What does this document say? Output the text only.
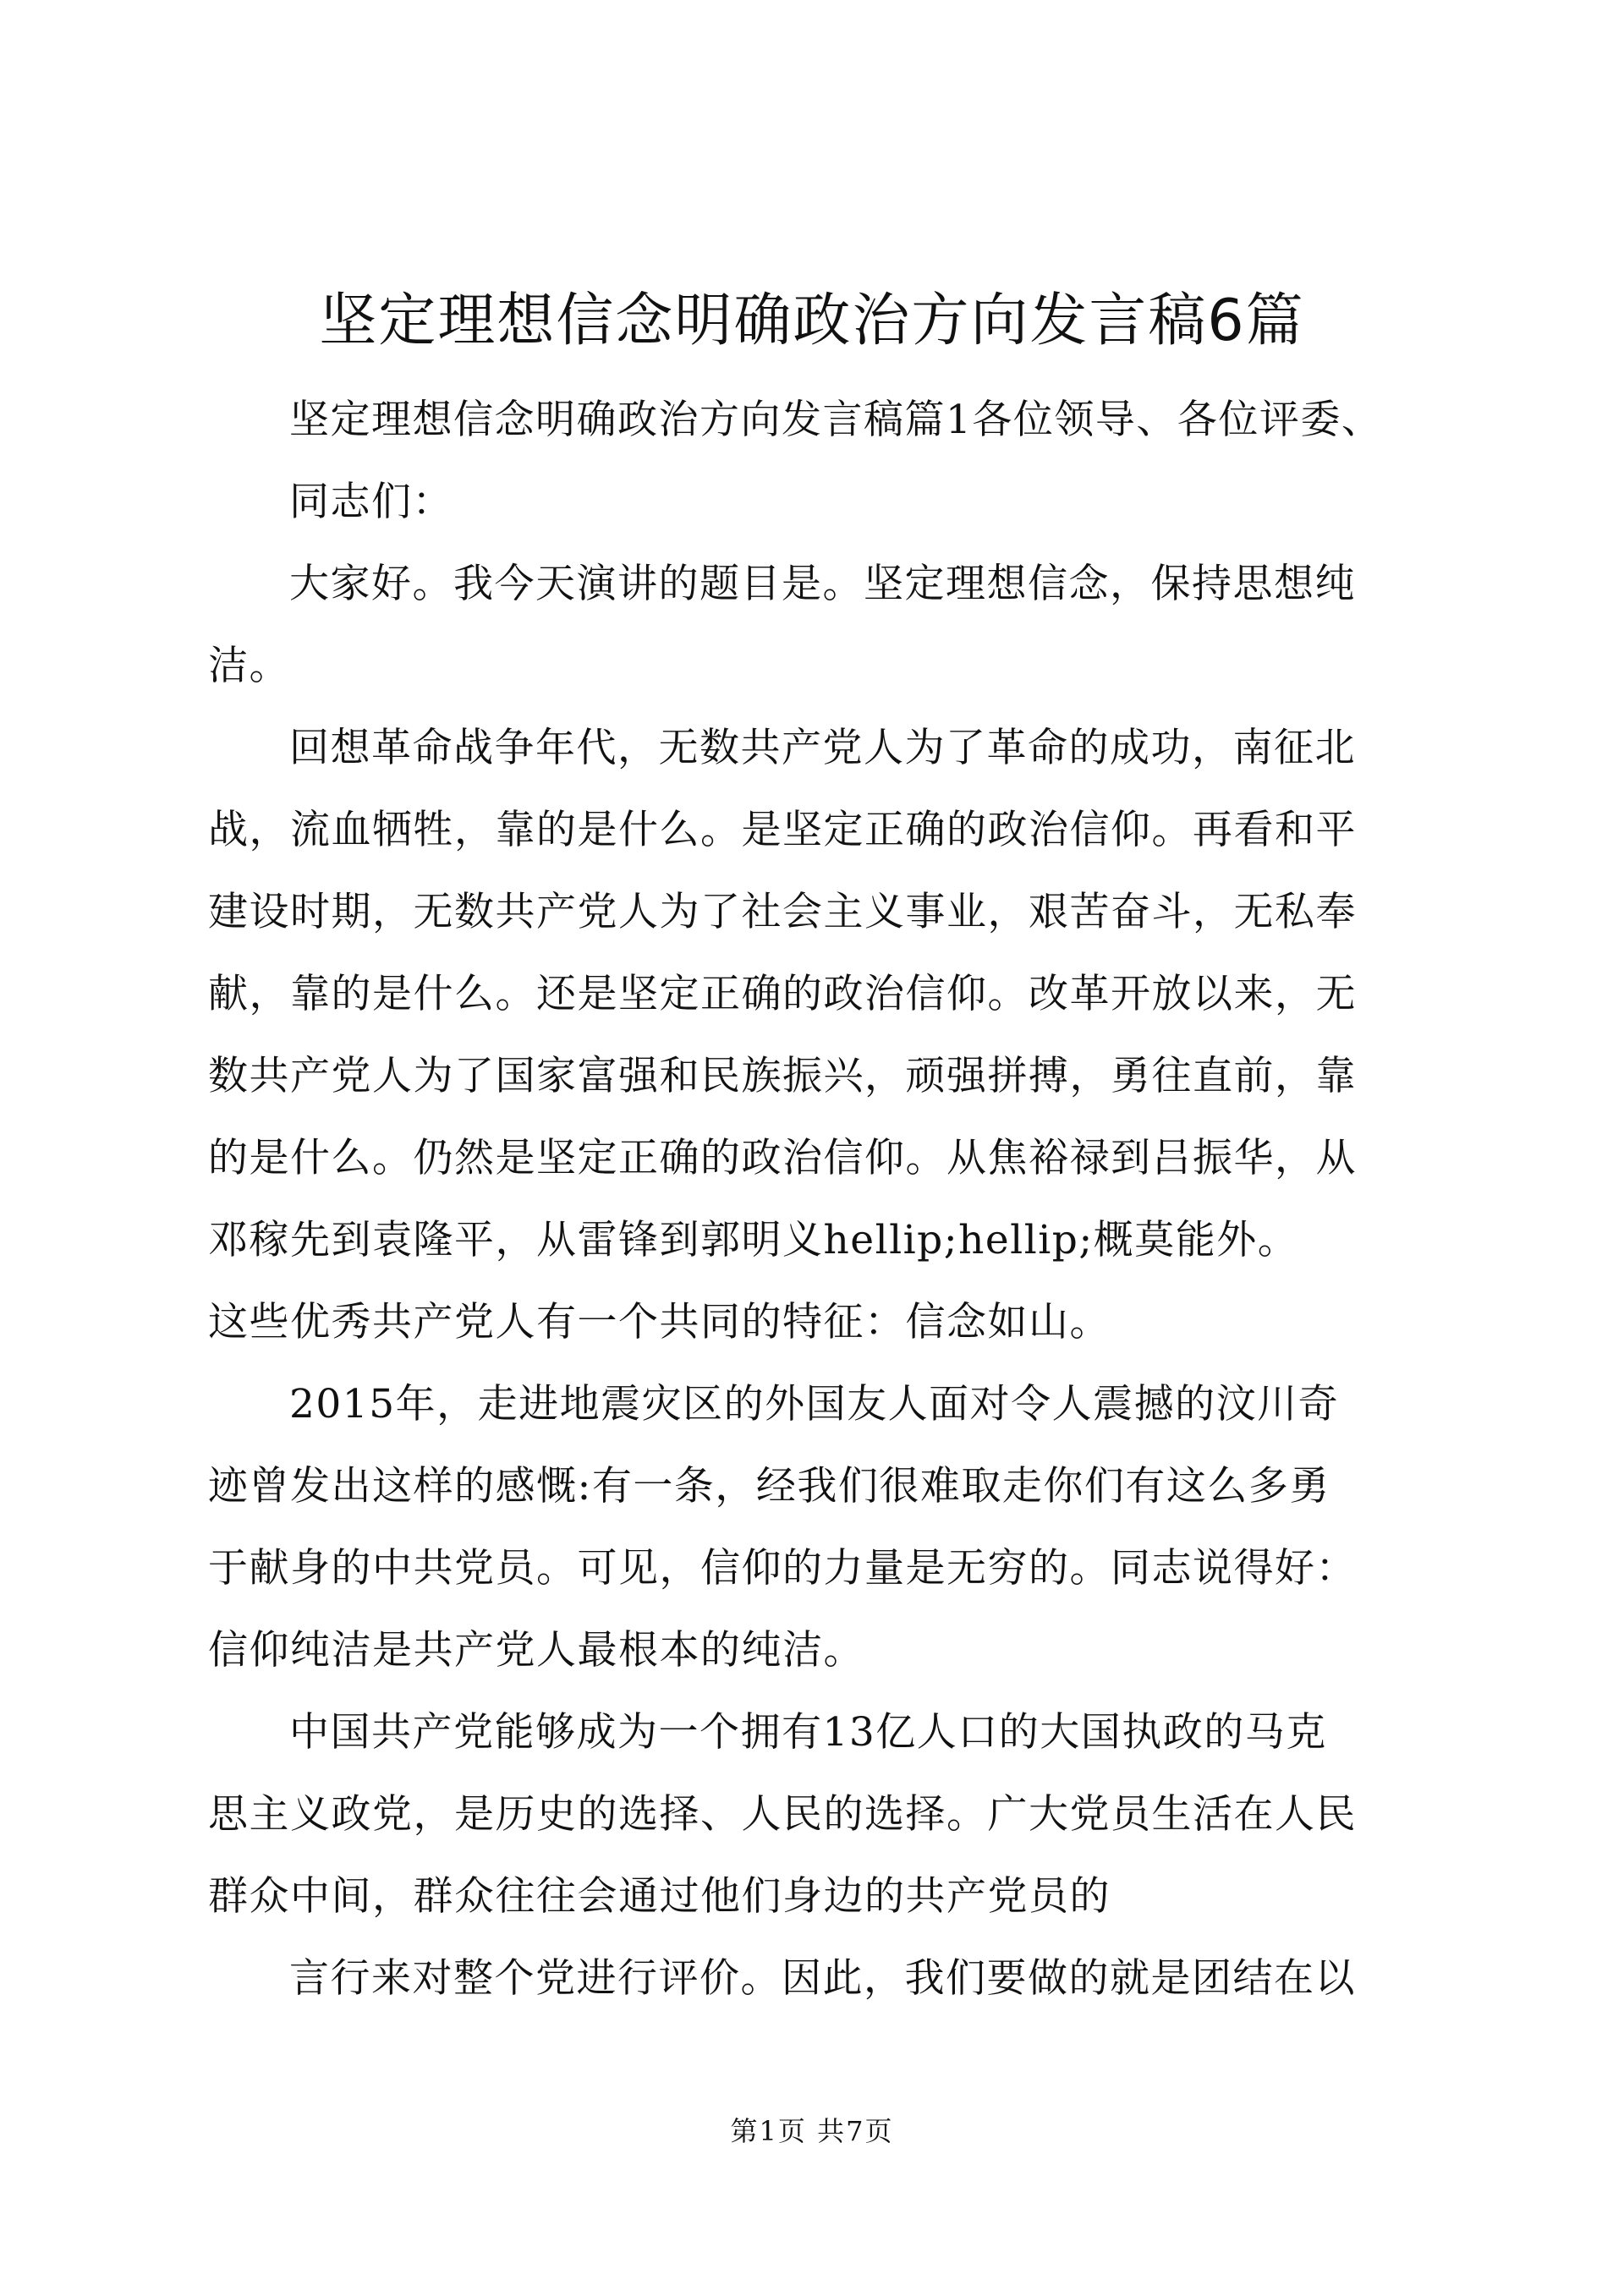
坚定理想信念明确政治方向发言稿6篇
坚定理想信念明确政治方向发言稿篇1各位领导、各位评委、
同志们：
大家好。我今天演讲的题目是。坚定理想信念，保持思想纯
洁。
回想革命战争年代，无数共产党人为了革命的成功，南征北
战，流血牺牲，靠的是什么。是坚定正确的政治信仰。再看和平
建设时期，无数共产党人为了社会主义事业，艰苦奋斗，无私奉
献，靠的是什么。还是坚定正确的政治信仰。改革开放以来，无
数共产党人为了国家富强和民族振兴，顽强拼搏，勇往直前，靠
的是什么。仍然是坚定正确的政治信仰。从焦裕禄到吕振华，从
邓稼先到袁隆平，从雷锋到郭明义hellip;hellip;概莫能外。
这些优秀共产党人有一个共同的特征：信念如山。
2015年，走进地震灾区的外国友人面对令人震撼的汶川奇
迹曾发出这样的感慨:有一条，经我们很难取走你们有这么多勇
于献身的中共党员。可见，信仰的力量是无穷的。同志说得好：
信仰纯洁是共产党人最根本的纯洁。
中国共产党能够成为一个拥有13亿人口的大国执政的马克
思主义政党，是历史的选择、人民的选择。广大党员生活在人民
群众中间，群众往往会通过他们身边的共产党员的
言行来对整个党进行评价。因此，我们要做的就是团结在以
第1页 共7页
